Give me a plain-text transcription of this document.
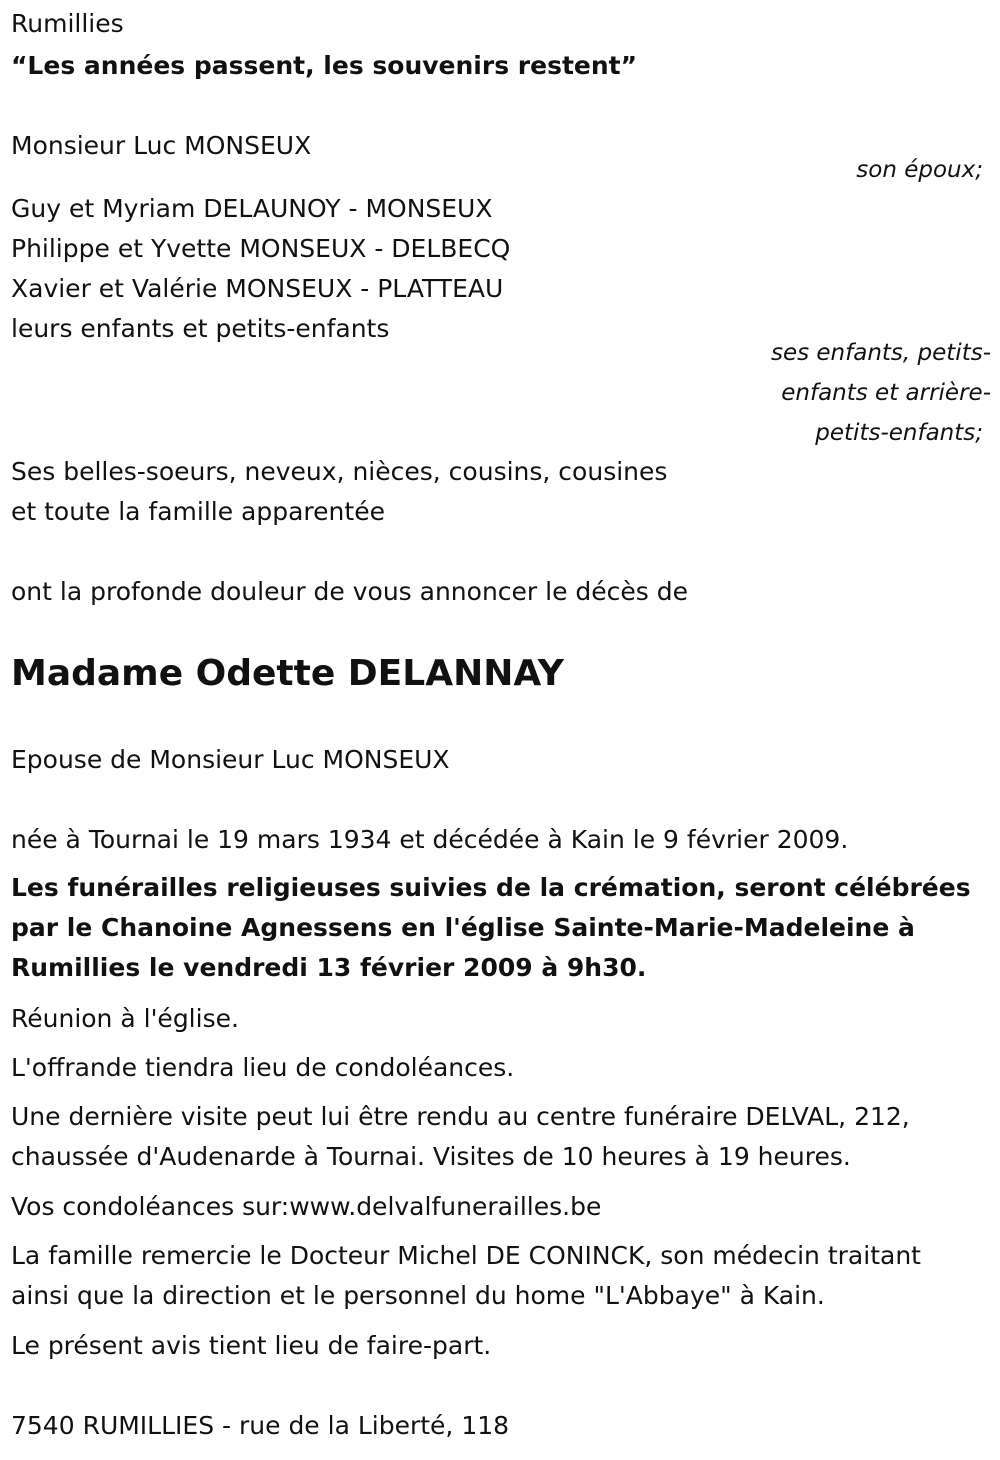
Rumillies
“Les années passent, les souvenirs restent”
Monsieur Luc MONSEUX
son époux;
Guy et Myriam DELAUNOY - MONSEUX
Philippe et Yvette MONSEUX - DELBECQ
Xavier et Valérie MONSEUX - PLATTEAU
leurs enfants et petits-enfants
ses enfants, petits-
enfants et arrière-
petits-enfants;
Ses belles-soeurs, neveux, nièces, cousins, cousines
et toute la famille apparentée
ont la profonde douleur de vous annoncer le décès de
Madame Odette DELANNAY
Epouse de Monsieur Luc MONSEUX
née à Tournai le 19 mars 1934 et décédée à Kain le 9 février 2009.
Les funérailles religieuses suivies de la crémation, seront célébrées
par le Chanoine Agnessens en l'église Sainte-Marie-Madeleine à
Rumillies le vendredi 13 février 2009 à 9h30.
Réunion à l'église.
L'offrande tiendra lieu de condoléances.
Une dernière visite peut lui être rendu au centre funéraire DELVAL, 212,
chaussée d'Audenarde à Tournai. Visites de 10 heures à 19 heures.
Vos condoléances sur:www.delvalfunerailles.be
La famille remercie le Docteur Michel DE CONINCK, son médecin traitant
ainsi que la direction et le personnel du home "L'Abbaye" à Kain.
Le présent avis tient lieu de faire-part.
7540 RUMILLIES - rue de la Liberté, 118
